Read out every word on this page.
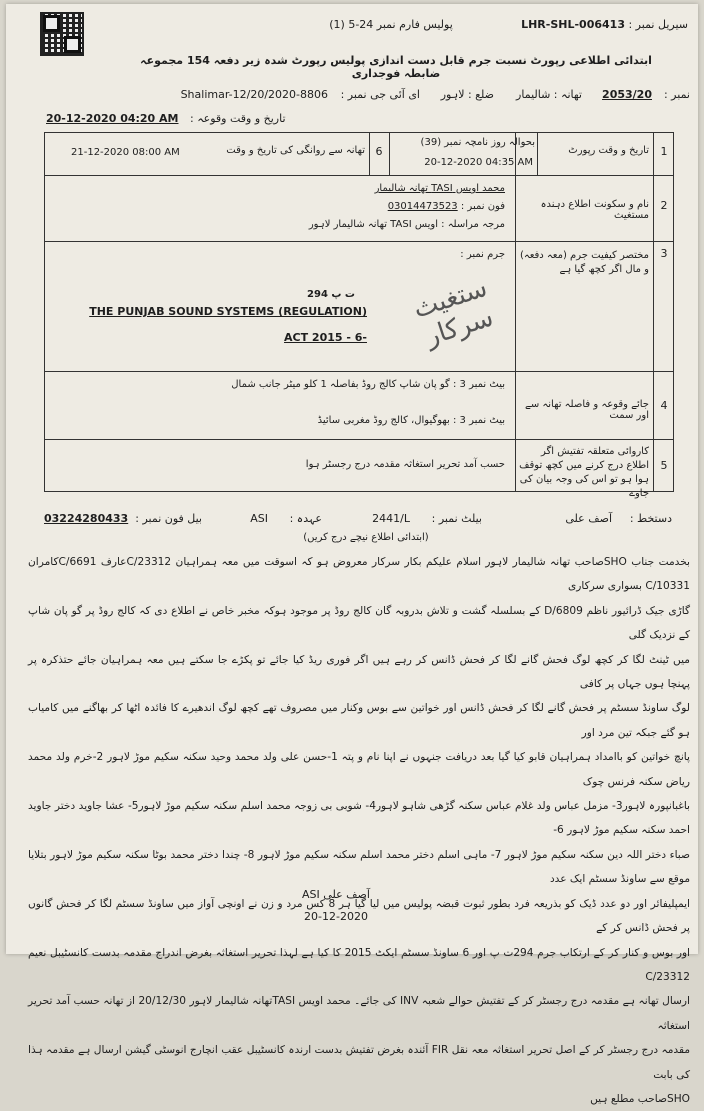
LHR-SHL-006413 سیریل نمبر :
پولیس فارم نمبر 24-5 (1)
ابتدائی اطلاعی رپورٹ نسبت جرم قابل دست اندازی پولیس رپورٹ شدہ زیر دفعہ 154 مجموعہ ضابطہ فوجداری
نمبر :
2053/20
تھانہ : شالیمار
ضلع : لاہور
ای آئی جی نمبر :
Shalimar-12/20/2020-8806
20-12-2020 04:20 AM تاریخ و وقت وقوعہ :
1
تاریخ و وقت رپورٹ
بحوالہ روز نامچہ نمبر (39)
20-12-2020 04:35 AM
6
تھانہ سے روانگی کی تاریخ و وقت
21-12-2020 08:00 AM
2
نام و سکونت اطلاع دہندہ مستغیث
محمد اویس TASI تھانہ شالیمار
03014473523 فون نمبر :
مرجہ مراسلہ : اویس TASI تھانہ شالیمار لاہور
3
مختصر کیفیت جرم (معہ دفعہ) و مال اگر کچھ گیا ہے
جرم نمبر :
294 ت پ
THE PUNJAB SOUND SYSTEMS (REGULATION)
ACT 2015 - 6-
ستغیث سرکار
4
جائے وقوعہ و فاصلہ تھانہ سے اور سمت
بیٹ نمبر 3 : گو پان شاپ کالج روڈ بفاصلہ 1 کلو میٹر جانب شمال
بیٹ نمبر 3 : بھوگیوال، کالج روڈ مغربی سائیڈ
5
کاروائی متعلقہ تفتیش اگر اطلاع درج کرنے میں کچھ توقف ہوا ہو تو اس کی وجہ بیان کی جاوے
حسب آمد تحریر استغاثہ مقدمہ درج رجسٹر ہوا
دستخط :
آصف علی
بیلٹ نمبر :
2441/L
عہدہ :
ASI
بیل فون نمبر :
03224280433
(ابتدائی اطلاع نیچے درج کریں)
بخدمت جناب SHOصاحب تھانہ شالیمار لاہور اسلام علیکم بکار سرکار معروض ہو کہ اسوقت میں معہ ہمراہیان C/23312عارف C/6691کامران C/10331 بسواری سرکاری
گاڑی جیک ڈرائیور ناظم D/6809 کے بسلسلہ گشت و تلاش بدروبہ گان کالج روڈ پر موجود ہوکہ مخبر خاص نے اطلاع دی کہ کالج روڈ پر گو پان شاپ کے نزدیک گلی
میں ٹینٹ لگا کر کچھ لوگ فحش گانے لگا کر فحش ڈانس کر رہے ہیں اگر فوری ریڈ کیا جائے تو پکڑے جا سکتے ہیں معہ ہمراہیان جائے حتذکرہ پر پہنچا ہوں جہاں پر کافی
لوگ ساونڈ سسٹم پر فحش گانے لگا کر فحش ڈانس اور خواتین سے بوس وکنار میں مصروف تھے کچھ لوگ اندھیرے کا فائدہ اٹھا کر بھاگنے میں کامیاب ہو گئے جبکہ تین مرد اور
پانچ خواتین کو باامداد ہمراہیان قابو کیا گیا بعد دریافت جنہوں نے اپنا نام و پتہ 1-حسن علی ولد محمد وحید سکنہ سکیم موڑ لاہور 2-خرم ولد محمد ریاض سکنہ فرنس چوک
باغبانپورہ لاہور3- مزمل عباس ولد غلام عباس سکنہ گڑھی شاہو لاہور4- شوبی بی زوجہ محمد اسلم سکنہ سکیم موڑ لاہور5- عشا جاوید دختر جاوید احمد سکنہ سکیم موڑ لاہور 6-
صباء دختر اللہ دین سکنہ سکیم موڑ لاہور 7- ماہی اسلم دختر محمد اسلم سکنہ سکیم موڑ لاہور 8- چندا دختر محمد بوٹا سکنہ سکیم موڑ لاہور بتلایا موقع سے ساونڈ سسٹم ایک عدد
ایمپلیفائر اور دو عدد ڈیک کو بذریعہ فرد بطور ثبوت قبضہ پولیس میں لیا گیا ہر 8 کس مرد و زن نے اونچی آواز میں ساونڈ سسٹم لگا کر فحش گانوں پر فحش ڈانس کر کے
اور بوس و کنار کر کے ارتکاب جرم 294ت پ اور 6 ساونڈ سسٹم ایکٹ 2015 کا کیا ہے لہذا تحریر استغاثہ بغرض اندراج مقدمہ بدست کانسٹیبل نعیم C/23312
ارسال تھانہ ہے مقدمہ درج رجسٹر کر کے تفتیش حوالے شعبہ INV کی جائے۔ محمد اویس TASIتھانہ شالیمار لاہور 20/12/30 از تھانہ حسب آمد تحریر استغاثہ
مقدمہ درج رجسٹر کر کے اصل تحریر استغاثہ معہ نقل FIR آئندہ بغرض تفتیش بدست ارندہ کانسٹیبل عقب انچارج انوسٹی گیشن ارسال ہے مقدمہ ہذا کی بابت
SHOصاحب مطلع ہیں
ASI آصف علی
20-12-2020
